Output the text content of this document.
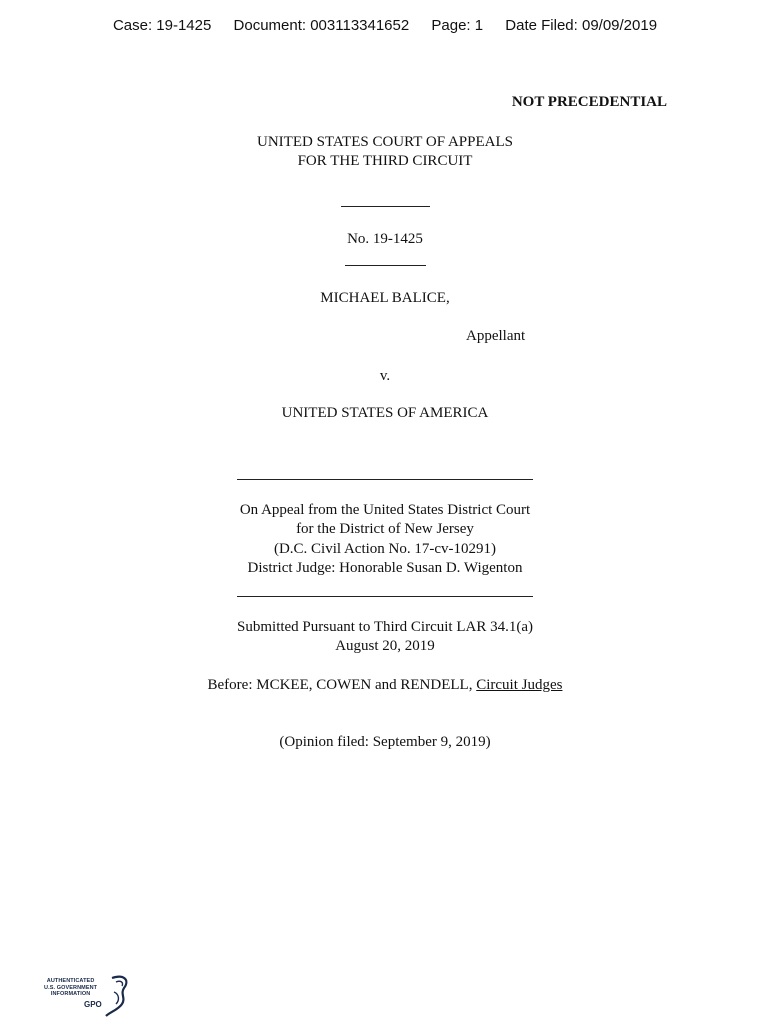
Case: 19-1425 Document: 003113341652 Page: 1 Date Filed: 09/09/2019
NOT PRECEDENTIAL
UNITED STATES COURT OF APPEALS
FOR THE THIRD CIRCUIT
No. 19-1425
MICHAEL BALICE,
Appellant
v.
UNITED STATES OF AMERICA
On Appeal from the United States District Court
for the District of New Jersey
(D.C. Civil Action No. 17-cv-10291)
District Judge: Honorable Susan D. Wigenton
Submitted Pursuant to Third Circuit LAR 34.1(a)
August 20, 2019
Before: MCKEE, COWEN and RENDELL, Circuit Judges
(Opinion filed: September 9, 2019)
AUTHENTICATED
U.S. GOVERNMENT
INFORMATION
GPO
